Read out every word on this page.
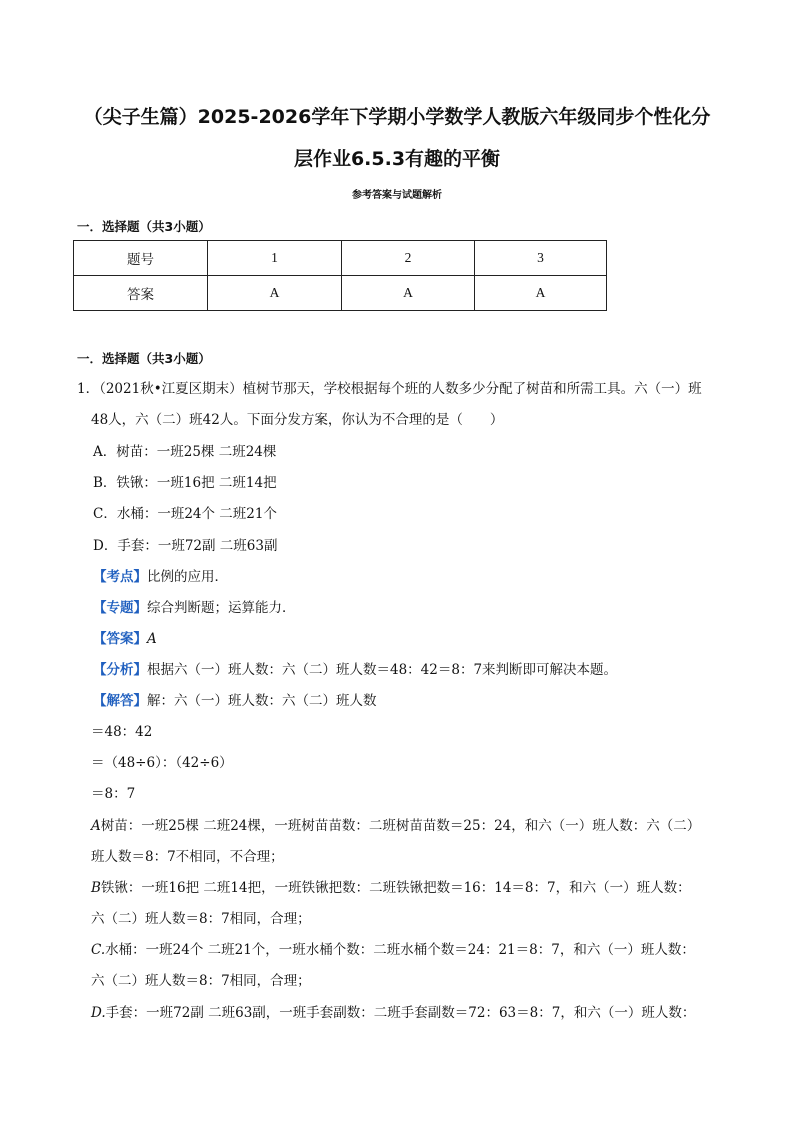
（尖子生篇）2025-2026学年下学期小学数学人教版六年级同步个性化分
层作业6.5.3有趣的平衡
参考答案与试题解析
一．选择题（共3小题）
题号	1	2	3
答案	A	A	A
一．选择题（共3小题）
1．（2021秋•江夏区期末）植树节那天，学校根据每个班的人数多少分配了树苗和所需工具。六（一）班
48人，六（二）班42人。下面分发方案，你认为不合理的是（　　）
A．树苗：一班25棵 二班24棵
B．铁锹：一班16把 二班14把
C．水桶：一班24个 二班21个
D．手套：一班72副 二班63副
【考点】比例的应用．
【专题】综合判断题；运算能力．
【答案】A
【分析】根据六（一）班人数：六（二）班人数＝48：42＝8：7来判断即可解决本题。
【解答】解：六（一）班人数：六（二）班人数
＝48：42
＝（48÷6）：（42÷6）
＝8：7
A树苗：一班25棵 二班24棵，一班树苗苗数：二班树苗苗数＝25：24，和六（一）班人数：六（二）
班人数＝8：7不相同，不合理；
B铁锹：一班16把 二班14把，一班铁锹把数：二班铁锹把数＝16：14＝8：7，和六（一）班人数：
六（二）班人数＝8：7相同，合理；
C.水桶：一班24个 二班21个，一班水桶个数：二班水桶个数＝24：21＝8：7，和六（一）班人数：
六（二）班人数＝8：7相同，合理；
D.手套：一班72副 二班63副，一班手套副数：二班手套副数＝72：63＝8：7，和六（一）班人数：
